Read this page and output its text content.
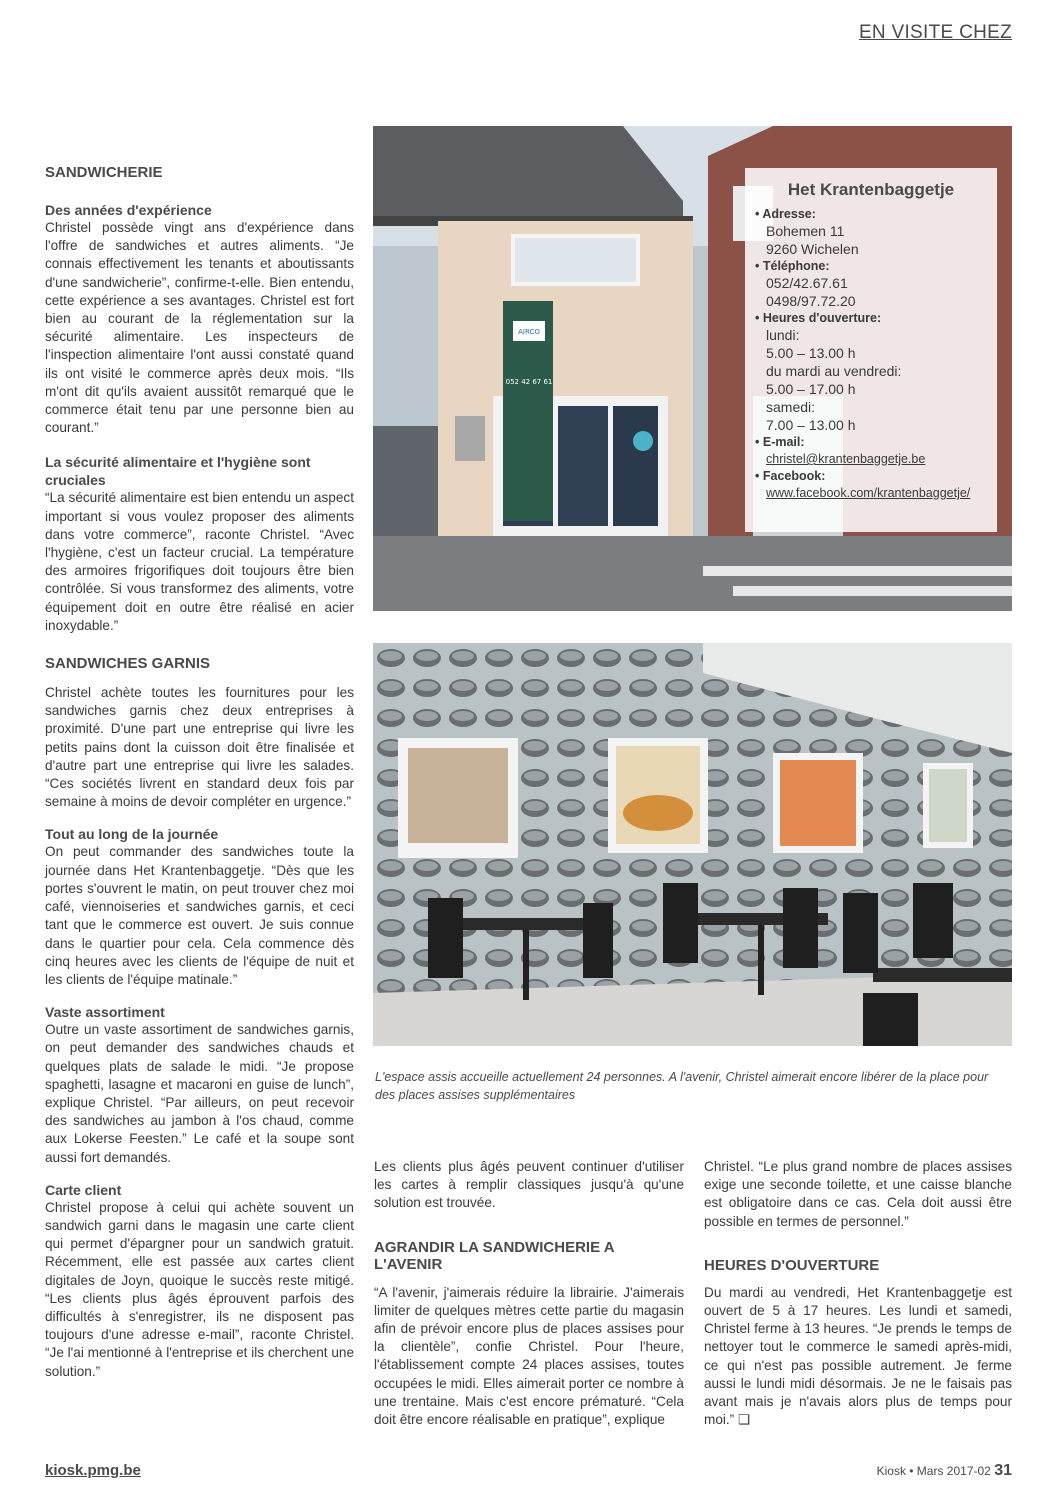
EN VISITE CHEZ

SANDWICHERIE

Des années d'expérience

Christel possède vingt ans d'expérience dans l'offre de sandwiches et autres aliments. “Je connais effectivement les tenants et aboutissants d'une sandwicherie”, confirme-t-elle. Bien entendu, cette expérience a ses avantages. Christel est fort bien au courant de la réglementation sur la sécurité alimentaire. Les inspecteurs de l'inspection alimentaire l'ont aussi constaté quand ils ont visité le commerce après deux mois. “Ils m'ont dit qu'ils avaient aussitôt remarqué que le commerce était tenu par une personne bien au courant.”

La sécurité alimentaire et l'hygiène sont cruciales

“La sécurité alimentaire est bien entendu un aspect important si vous voulez proposer des aliments dans votre commerce”, raconte Christel. “Avec l'hygiène, c'est un facteur crucial. La température des armoires frigorifiques doit toujours être bien contrôlée. Si vous transformez des aliments, votre équipement doit en outre être réalisé en acier inoxydable.”

SANDWICHES GARNIS

Christel achète toutes les fournitures pour les sandwiches garnis chez deux entreprises à proximité. D'une part une entreprise qui livre les petits pains dont la cuisson doit être finalisée et d'autre part une entreprise qui livre les salades. “Ces sociétés livrent en standard deux fois par semaine à moins de devoir compléter en urgence.”

Tout au long de la journée

On peut commander des sandwiches toute la journée dans Het Krantenbaggetje. “Dès que les portes s'ouvrent le matin, on peut trouver chez moi café, viennoiseries et sandwiches garnis, et ceci tant que le commerce est ouvert. Je suis connue dans le quartier pour cela. Cela commence dès cinq heures avec les clients de l'équipe de nuit et les clients de l'équipe matinale.”

Vaste assortiment

Outre un vaste assortiment de sandwiches garnis, on peut demander des sandwiches chauds et quelques plats de salade le midi. “Je propose spaghetti, lasagne et macaroni en guise de lunch”, explique Christel. “Par ailleurs, on peut recevoir des sandwiches au jambon à l'os chaud, comme aux Lokerse Feesten.” Le café et la soupe sont aussi fort demandés.

Carte client

Christel propose à celui qui achète souvent un sandwich garni dans le magasin une carte client qui permet d'épargner pour un sandwich gratuit. Récemment, elle est passée aux cartes client digitales de Joyn, quoique le succès reste mitigé. “Les clients plus âgés éprouvent parfois des difficultés à s'enregistrer, ils ne disposent pas toujours d'une adresse e-mail”, raconte Christel. “Je l'ai mentionné à l'entreprise et ils cherchent une solution.”

AIRCO
052 42 67 61
Het Krantenbaggetje
• Adresse:
Bohemen 11
9260 Wichelen
• Téléphone:
052/42.67.61
0498/97.72.20
• Heures d'ouverture:
lundi:
5.00 – 13.00 h
du mardi au vendredi:
5.00 – 17.00 h
samedi:
7.00 – 13.00 h
• E-mail:
christel@krantenbaggetje.be
• Facebook:
www.facebook.com/krantenbaggetje/

L'espace assis accueille actuellement 24 personnes. A l'avenir, Christel aimerait encore libérer de la place pour des places assises supplémentaires

Les clients plus âgés peuvent continuer d'utiliser les cartes à remplir classiques jusqu'à qu'une solution est trouvée.

AGRANDIR LA SANDWICHERIE A L'AVENIR

“A l'avenir, j'aimerais réduire la librairie. J'aimerais limiter de quelques mètres cette partie du magasin afin de prévoir encore plus de places assises pour la clientèle”, confie Christel. Pour l'heure, l'établissement compte 24 places assises, toutes occupées le midi. Elles aimerait porter ce nombre à une trentaine. Mais c'est encore prématuré. “Cela doit être encore réalisable en pratique”, explique

Christel. “Le plus grand nombre de places assises exige une seconde toilette, et une caisse blanche est obligatoire dans ce cas. Cela doit aussi être possible en termes de personnel.”

HEURES D'OUVERTURE

Du mardi au vendredi, Het Krantenbaggetje est ouvert de 5 à 17 heures. Les lundi et samedi, Christel ferme à 13 heures. “Je prends le temps de nettoyer tout le commerce le samedi après-midi, ce qui n'est pas possible autrement. Je ferme aussi le lundi midi désormais. Je ne le faisais pas avant mais je n'avais alors plus de temps pour moi.” ❑

kiosk.pmg.be	Kiosk • Mars 2017-02 31
